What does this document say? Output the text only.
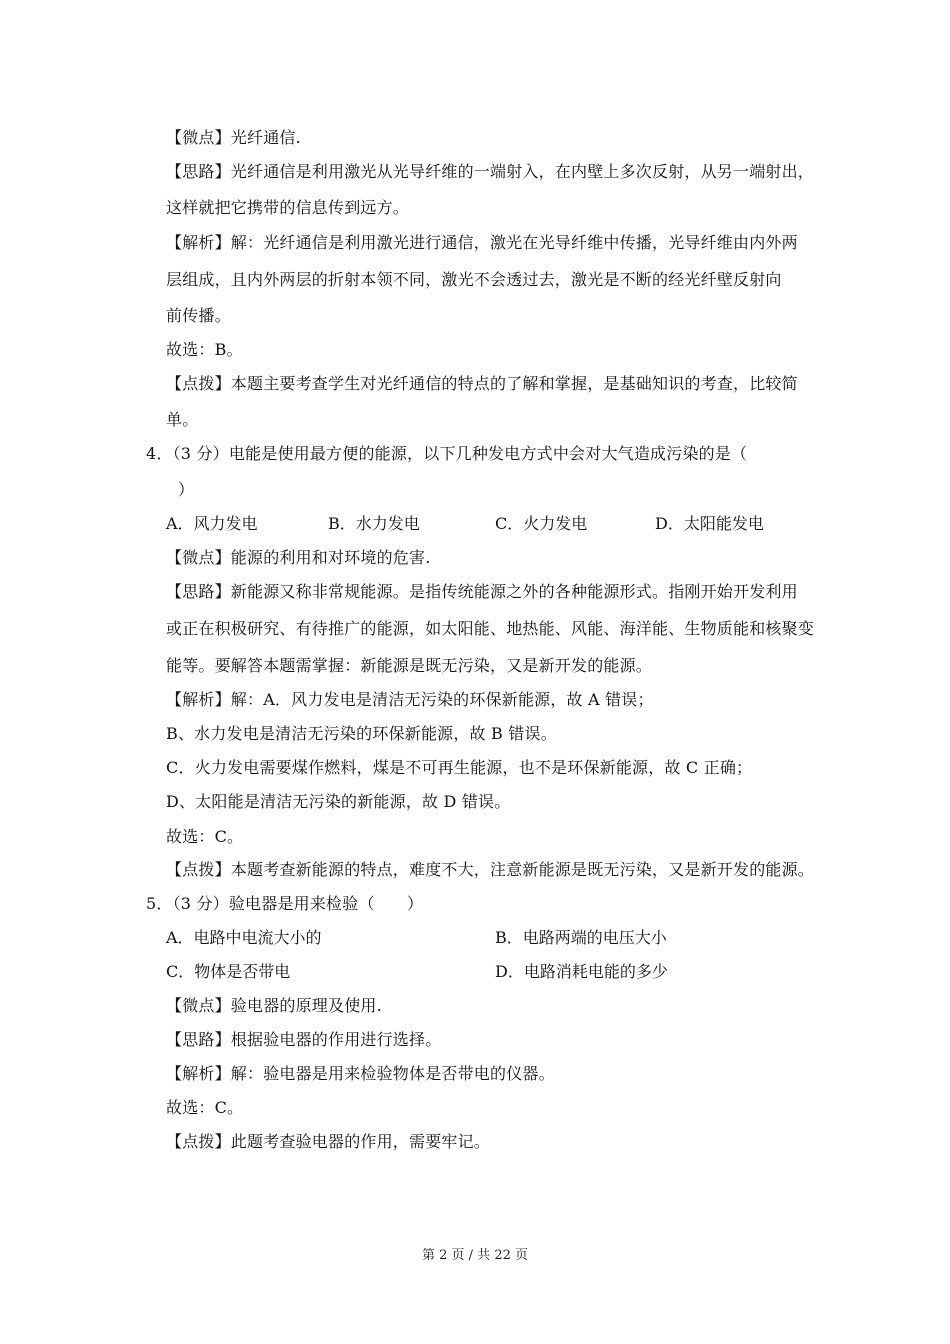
【微点】光纤通信.
【思路】光纤通信是利用激光从光导纤维的一端射入，在内壁上多次反射，从另一端射出，
这样就把它携带的信息传到远方。
【解析】解：光纤通信是利用激光进行通信，激光在光导纤维中传播，光导纤维由内外两
层组成，且内外两层的折射本领不同，激光不会透过去，激光是不断的经光纤壁反射向
前传播。
故选：B。
【点拨】本题主要考查学生对光纤通信的特点的了解和掌握，是基础知识的考查，比较简
单。
4．（3 分）电能是使用最方便的能源，以下几种发电方式中会对大气造成污染的是（
）
A．风力发电	B．水力发电	C．火力发电	D．太阳能发电
【微点】能源的利用和对环境的危害.
【思路】新能源又称非常规能源。是指传统能源之外的各种能源形式。指刚开始开发利用
或正在积极研究、有待推广的能源，如太阳能、地热能、风能、海洋能、生物质能和核聚变
能等。要解答本题需掌握：新能源是既无污染，又是新开发的能源。
【解析】解：A．风力发电是清洁无污染的环保新能源，故 A 错误；
B、水力发电是清洁无污染的环保新能源，故 B 错误。
C．火力发电需要煤作燃料，煤是不可再生能源，也不是环保新能源，故 C 正确；
D、太阳能是清洁无污染的新能源，故 D 错误。
故选：C。
【点拨】本题考查新能源的特点，难度不大，注意新能源是既无污染，又是新开发的能源。
5．（3 分）验电器是用来检验（　　）
A．电路中电流大小的	B．电路两端的电压大小
C．物体是否带电	D．电路消耗电能的多少
【微点】验电器的原理及使用.
【思路】根据验电器的作用进行选择。
【解析】解：验电器是用来检验物体是否带电的仪器。
故选：C。
【点拨】此题考查验电器的作用，需要牢记。
第 2 页 / 共 22 页
